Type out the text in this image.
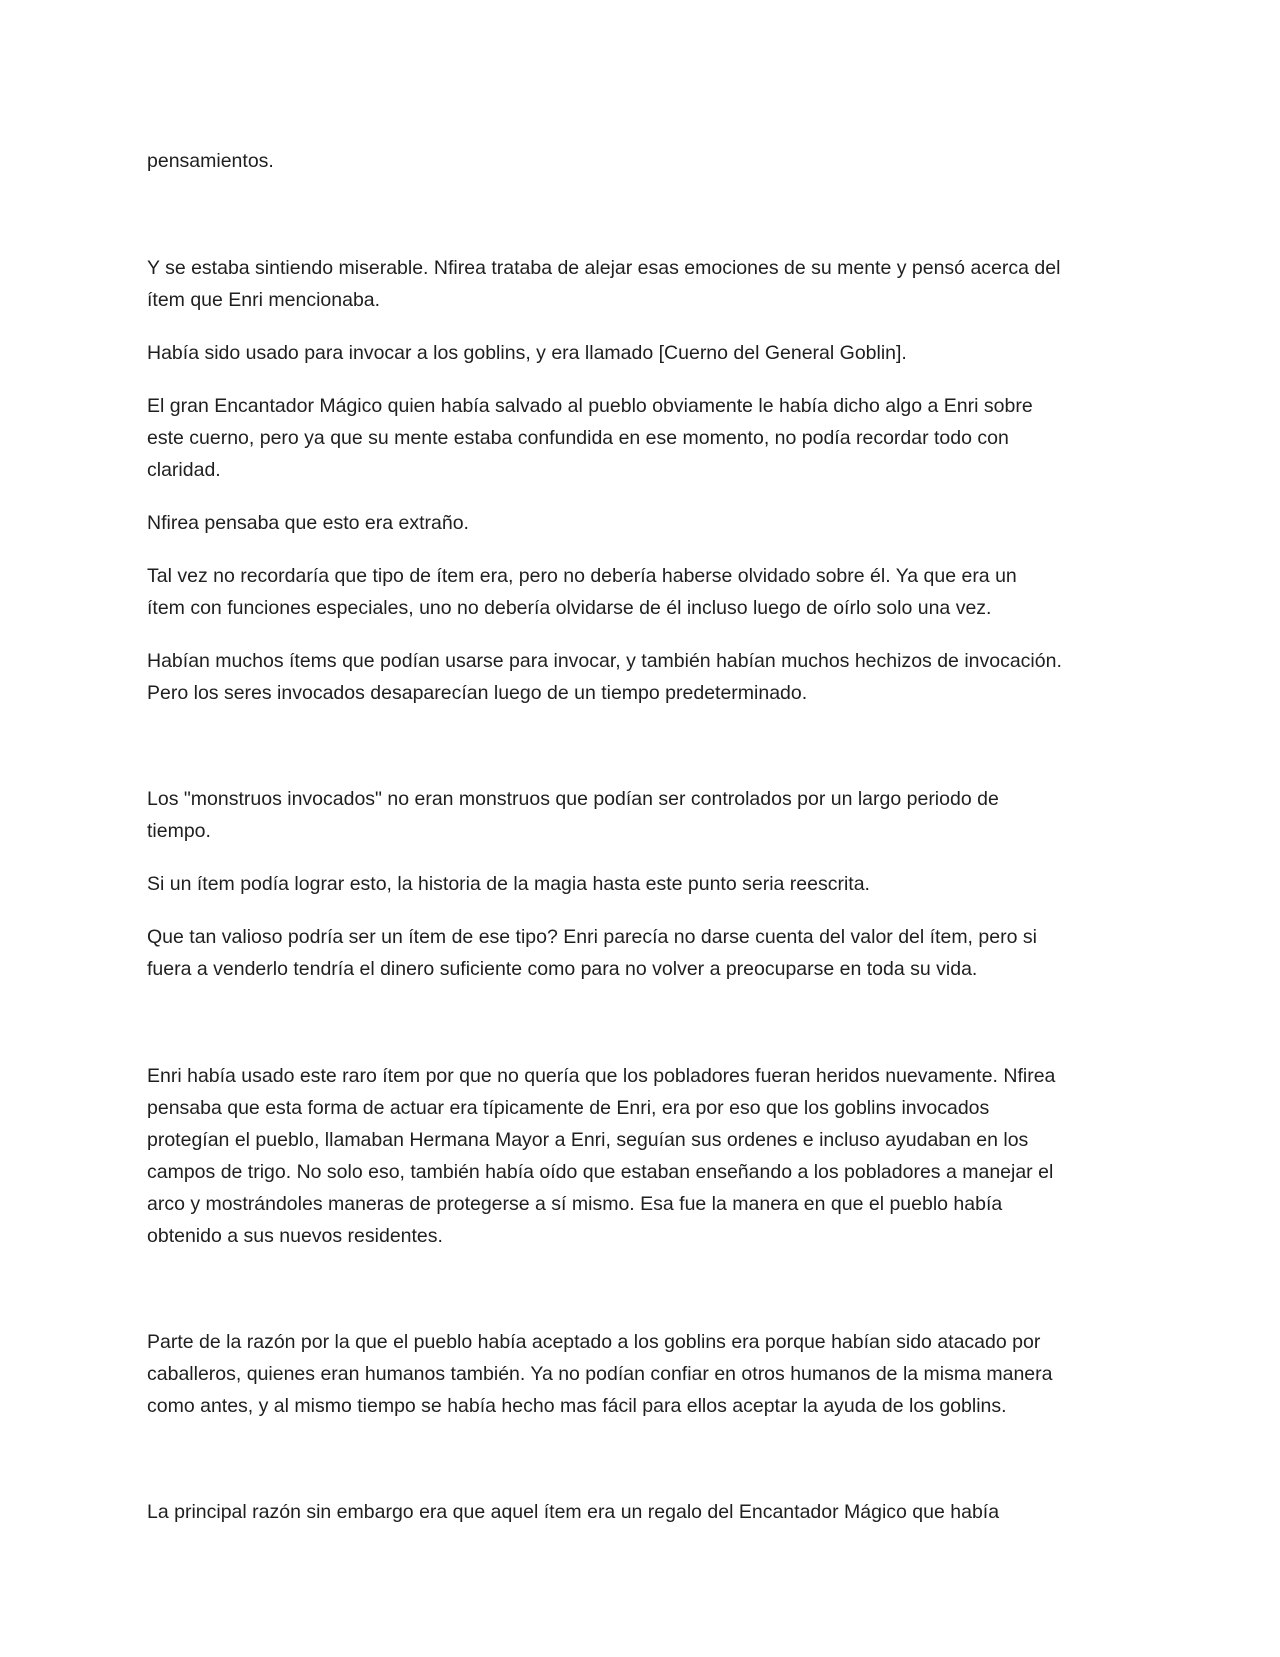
pensamientos.

Y se estaba sintiendo miserable. Nfirea trataba de alejar esas emociones de su mente y pensó acerca del

ítem que Enri mencionaba.

Había sido usado para invocar a los goblins, y era llamado [Cuerno del General Goblin].

El gran Encantador Mágico quien había salvado al pueblo obviamente le había dicho algo a Enri sobre

este cuerno, pero ya que su mente estaba confundida en ese momento, no podía recordar todo con

claridad.

Nfirea pensaba que esto era extraño.

Tal vez no recordaría que tipo de ítem era, pero no debería haberse olvidado sobre él. Ya que era un

ítem con funciones especiales, uno no debería olvidarse de él incluso luego de oírlo solo una vez.

Habían muchos ítems que podían usarse para invocar, y también habían muchos hechizos de invocación.

Pero los seres invocados desaparecían luego de un tiempo predeterminado.

Los "monstruos invocados" no eran monstruos que podían ser controlados por un largo periodo de

tiempo.

Si un ítem podía lograr esto, la historia de la magia hasta este punto seria reescrita.

Que tan valioso podría ser un ítem de ese tipo? Enri parecía no darse cuenta del valor del ítem, pero si

fuera a venderlo tendría el dinero suficiente como para no volver a preocuparse en toda su vida.

Enri había usado este raro ítem por que no quería que los pobladores fueran heridos nuevamente. Nfirea

pensaba que esta forma de actuar era típicamente de Enri, era por eso que los goblins invocados

protegían el pueblo, llamaban Hermana Mayor a Enri, seguían sus ordenes e incluso ayudaban en los

campos de trigo. No solo eso, también había oído que estaban enseñando a los pobladores a manejar el

arco y mostrándoles maneras de protegerse a sí mismo. Esa fue la manera en que el pueblo había

obtenido a sus nuevos residentes.

Parte de la razón por la que el pueblo había aceptado a los goblins era porque habían sido atacado por

caballeros, quienes eran humanos también. Ya no podían confiar en otros humanos de la misma manera

como antes, y al mismo tiempo se había hecho mas fácil para ellos aceptar la ayuda de los goblins.

La principal razón sin embargo era que aquel ítem era un regalo del Encantador Mágico que había
